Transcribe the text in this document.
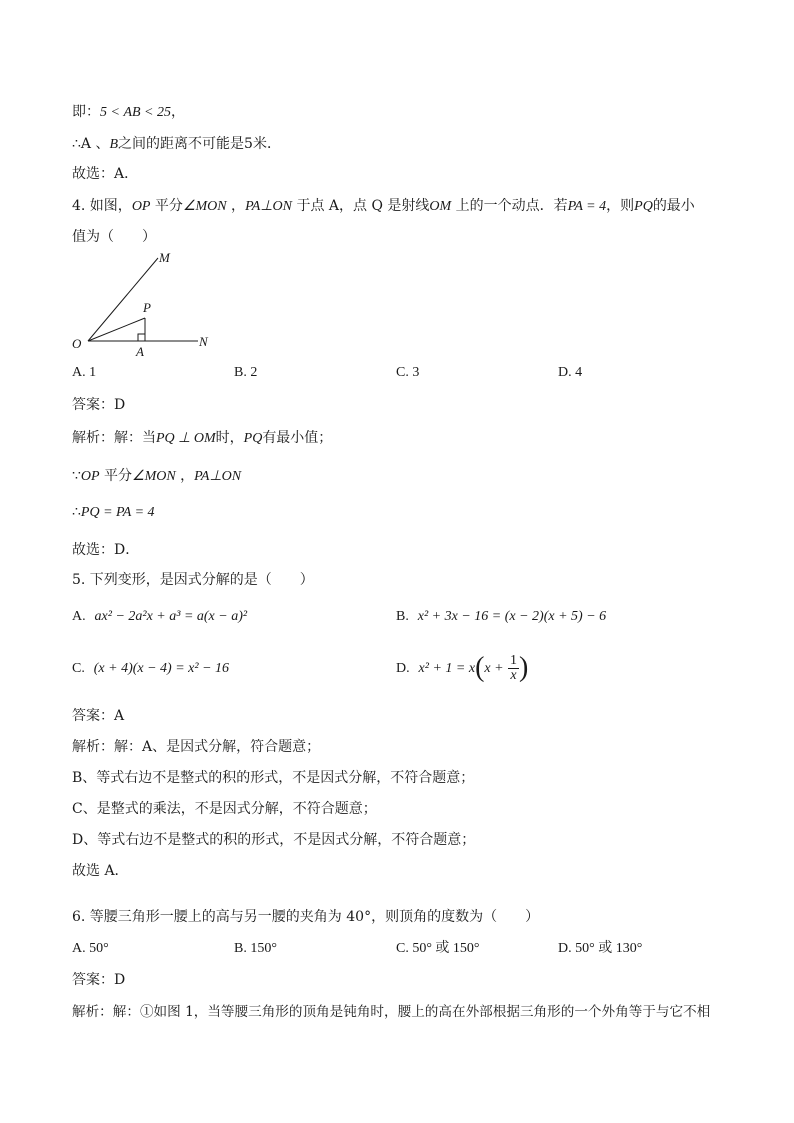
即：5 < AB < 25，
∴A 、B之间的距离不可能是5米．
故选：A．
4. 如图，OP 平分∠MON ，PA⊥ON 于点 A，点 Q 是射线OM 上的一个动点．若PA = 4，则PQ的最小
值为（　　）
M
P
O
A
N
A. 1	B. 2	C. 3	D. 4
答案：D
解析：解：当PQ ⊥ OM时，PQ有最小值；
∵OP 平分∠MON ，PA⊥ON
∴PQ = PA = 4
故选：D．
5. 下列变形，是因式分解的是（　　）
A. ax² − 2a²x + a³ = a(x − a)²	B. x² + 3x − 16 = (x − 2)(x + 5) − 6
C. (x + 4)(x − 4) = x² − 16	D. $x^2 + 1 = x(x + \frac{1}{x}$ )
答案：A
解析：解：A、是因式分解，符合题意；
B、等式右边不是整式的积的形式，不是因式分解，不符合题意；
C、是整式的乘法，不是因式分解，不符合题意；
D、等式右边不是整式的积的形式，不是因式分解，不符合题意；
故选 A．
6. 等腰三角形一腰上的高与另一腰的夹角为 40°，则顶角的度数为（　　）
A. 50°	B. 150°	C. 50° 或 150°	D. 50° 或 130°
答案：D
解析：解：①如图 1，当等腰三角形的顶角是钝角时，腰上的高在外部根据三角形的一个外角等于与它不相
